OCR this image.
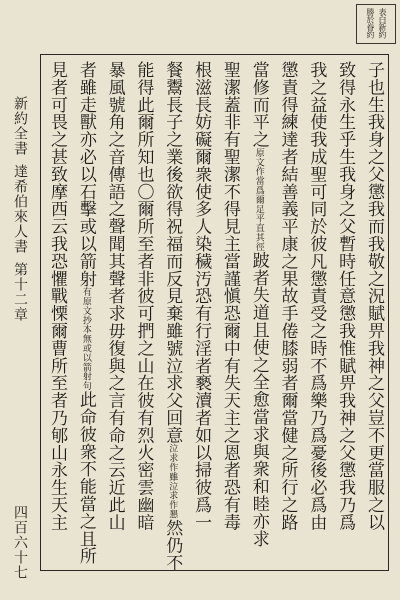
表白新約
勝於眷約
子也生我身之父懲我而我敬之況賦畀我神之父豈不更當服之以
致得永生乎生我身之父暫時任意懲我惟賦畀我神之父懲我乃爲
我之益使我成聖可同於彼凡懲責受之時不爲樂乃爲憂後必爲由
懲責得練達者結善義平康之果故手倦膝弱者爾當健之所行之路
當修而平之原文作當爲爾足平直其徑跛者失道且使之全愈當求與衆和睦亦求
聖潔蓋非有聖潔不得見主當謹愼恐爾中有失天主之恩者恐有毒
根滋長妨礙爾衆使多人染穢汚恐有行淫者褻瀆者如以掃彼爲一
餐鬻長子之業後欲得祝福而反見棄雖號泣求父回意泣求作雖泣求作懇然仍不
能得此爾所知也〇爾所至者非彼可捫之山在彼有烈火密雲幽暗
暴風號角之音傳語之聲聞其聲者求毋復與之言有命之云近此山
者雖走獸亦必以石擊或以箭射有原文抄本無或以箭射句此命彼衆不能當之且所
見者可畏之甚致摩西云我恐懼戰慄爾曹所至者乃郇山永生天主
新約全書
達希伯來人書
第十二章
四百六十七
